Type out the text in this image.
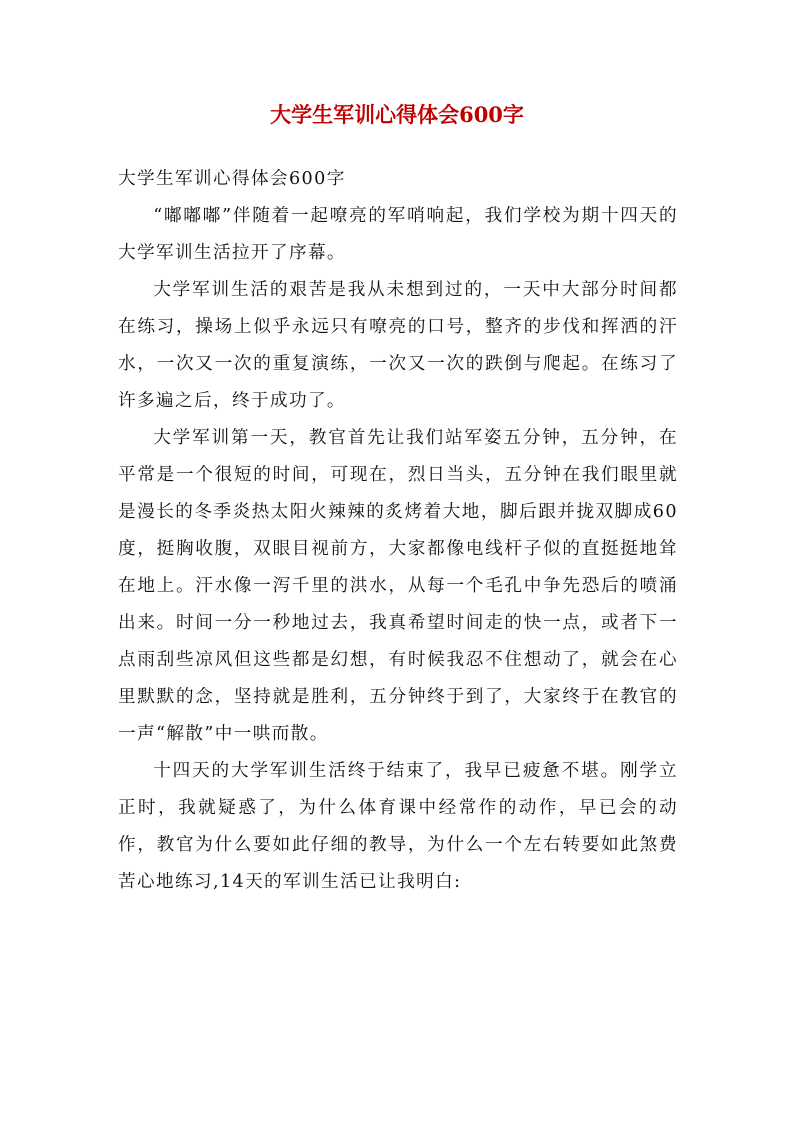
大学生军训心得体会600字

大学生军训心得体会600字

“嘟嘟嘟”伴随着一起嘹亮的军哨响起，我们学校为期十四天的大学军训生活拉开了序幕。

大学军训生活的艰苦是我从未想到过的，一天中大部分时间都在练习，操场上似乎永远只有嘹亮的口号，整齐的步伐和挥洒的汗水，一次又一次的重复演练，一次又一次的跌倒与爬起。在练习了许多遍之后，终于成功了。

大学军训第一天，教官首先让我们站军姿五分钟，五分钟，在平常是一个很短的时间，可现在，烈日当头，五分钟在我们眼里就是漫长的冬季炎热太阳火辣辣的炙烤着大地，脚后跟并拢双脚成60度，挺胸收腹，双眼目视前方，大家都像电线杆子似的直挺挺地耸在地上。汗水像一泻千里的洪水，从每一个毛孔中争先恐后的喷涌出来。时间一分一秒地过去，我真希望时间走的快一点，或者下一点雨刮些凉风但这些都是幻想，有时候我忍不住想动了，就会在心里默默的念，坚持就是胜利，五分钟终于到了，大家终于在教官的一声“解散”中一哄而散。

十四天的大学军训生活终于结束了，我早已疲惫不堪。刚学立正时，我就疑惑了，为什么体育课中经常作的动作，早已会的动作，教官为什么要如此仔细的教导，为什么一个左右转要如此煞费苦心地练习,14天的军训生活已让我明白:
